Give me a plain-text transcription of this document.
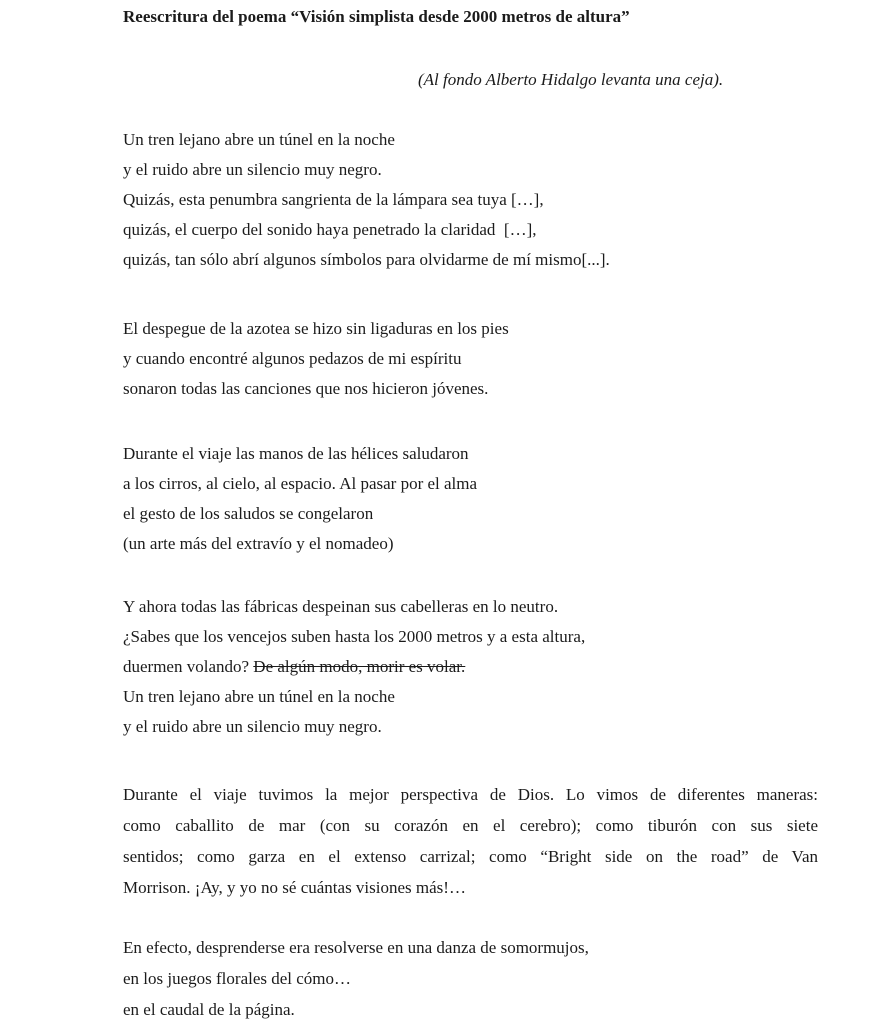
Reescritura del poema “Visión simplista desde 2000 metros de altura”
(Al fondo Alberto Hidalgo levanta una ceja).
Un tren lejano abre un túnel en la noche
y el ruido abre un silencio muy negro.
Quizás, esta penumbra sangrienta de la lámpara sea tuya […],
quizás, el cuerpo del sonido haya penetrado la claridad  […],
quizás, tan sólo abrí algunos símbolos para olvidarme de mí mismo[...].
El despegue de la azotea se hizo sin ligaduras en los pies
y cuando encontré algunos pedazos de mi espíritu
sonaron todas las canciones que nos hicieron jóvenes.
Durante el viaje las manos de las hélices saludaron
a los cirros, al cielo, al espacio. Al pasar por el alma
el gesto de los saludos se congelaron
(un arte más del extravío y el nomadeo)
Y ahora todas las fábricas despeinan sus cabelleras en lo neutro.
¿Sabes que los vencejos suben hasta los 2000 metros y a esta altura,
duermen volando? De algún modo, morir es volar.
Un tren lejano abre un túnel en la noche
y el ruido abre un silencio muy negro.
Durante el viaje tuvimos la mejor perspectiva de Dios. Lo vimos de diferentes maneras:
como caballito de mar (con su corazón en el cerebro); como tiburón con sus siete
sentidos; como garza en el extenso carrizal; como “Bright side on the road” de Van
Morrison. ¡Ay, y yo no sé cuántas visiones más!…
En efecto, desprenderse era resolverse en una danza de somormujos,
en los juegos florales del cómo…
en el caudal de la página.
